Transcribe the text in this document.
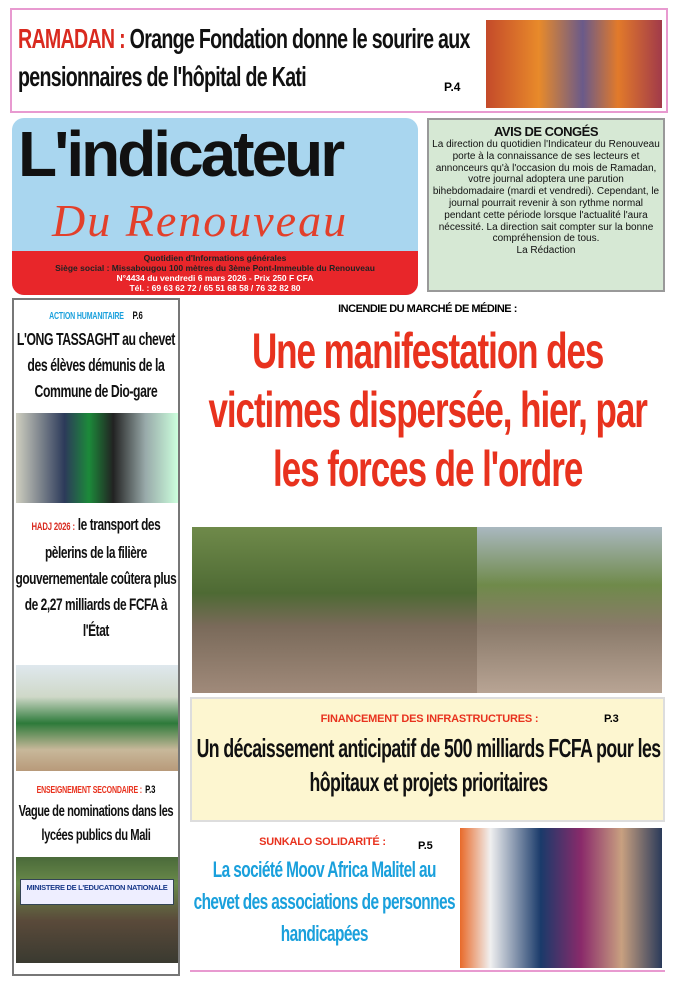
RAMADAN : Orange Fondation donne le sourire aux pensionnaires de l'hôpital de Kati	P.4
L'indicateur
Du Renouveau
Quotidien d'Informations générales
Siège social : Missabougou 100 mètres du 3ème Pont-Immeuble du Renouveau
N°4434 du vendredi 6 mars 2026 - Prix 250 F CFA
Tél. : 69 63 62 72 / 65 51 68 58 / 76 32 82 80
AVIS DE CONGÉS
La direction du quotidien l'Indicateur du Renouveau porte à la connaissance de ses lecteurs et annonceurs qu'à l'occasion du mois de Ramadan, votre journal adoptera une parution bihebdomadaire (mardi et vendredi). Cependant, le journal pourrait revenir à son rythme normal pendant cette période lorsque l'actualité l'aura nécessité. La direction sait compter sur la bonne compréhension de tous.
La Rédaction
ACTION HUMANITAIRE P.6
L'ONG TASSAGHT au chevet des élèves démunis de la Commune de Dio-gare
HADJ 2026 : le transport des pèlerins de la filière gouvernementale coûtera plus de 2,27 milliards de FCFA à l'État
ENSEIGNEMENT SECONDAIRE : P.3
Vague de nominations dans les lycées publics du Mali
MINISTERE DE L'EDUCATION NATIONALE
INCENDIE DU MARCHÉ DE MÉDINE :
Une manifestation des victimes dispersée, hier, par les forces de l'ordre
FINANCEMENT DES INFRASTRUCTURES :	P.3
Un décaissement anticipatif de 500 milliards FCFA pour les hôpitaux et projets prioritaires
SUNKALO SOLIDARITÉ :	P.5
La société Moov Africa Malitel au chevet des associations de personnes handicapées
